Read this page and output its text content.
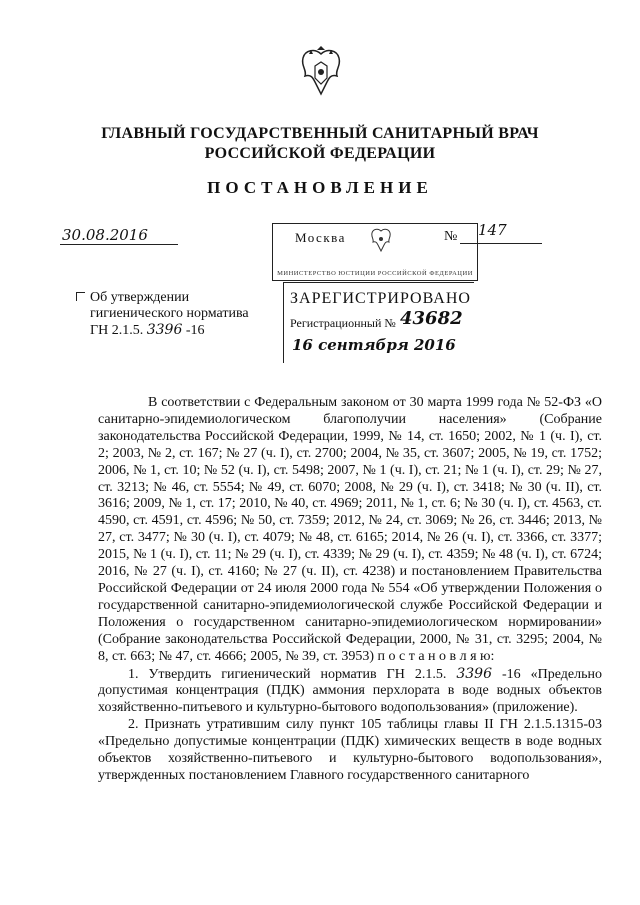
ГЛАВНЫЙ ГОСУДАРСТВЕННЫЙ САНИТАРНЫЙ ВРАЧ
РОССИЙСКОЙ ФЕДЕРАЦИИ
ПОСТАНОВЛЕНИЕ
30.08.2016	Москва
МИНИСТЕРСТВО ЮСТИЦИИ РОССИЙСКОЙ ФЕДЕРАЦИИ
№ 147
ЗАРЕГИСТРИРОВАНО
Регистрационный № 43682
16 сентября 2016
Об утверждении
гигиенического норматива
ГН 2.1.5. 3396 -16

В соответствии с Федеральным законом от 30 марта 1999 года № 52-ФЗ «О санитарно-эпидемиологическом благополучии населения» (Собрание законодательства Российской Федерации, 1999, № 14, ст. 1650; 2002, № 1 (ч. I), ст. 2; 2003, № 2, ст. 167; № 27 (ч. I), ст. 2700; 2004, № 35, ст. 3607; 2005, № 19, ст. 1752; 2006, № 1, ст. 10; № 52 (ч. I), ст. 5498; 2007, № 1 (ч. I), ст. 21; № 1 (ч. I), ст. 29; № 27, ст. 3213; № 46, ст. 5554; № 49, ст. 6070; 2008, № 29 (ч. I), ст. 3418; № 30 (ч. II), ст. 3616; 2009, № 1, ст. 17; 2010, № 40, ст. 4969; 2011, № 1, ст. 6; № 30 (ч. I), ст. 4563, ст. 4590, ст. 4591, ст. 4596; № 50, ст. 7359; 2012, № 24, ст. 3069; № 26, ст. 3446; 2013, № 27, ст. 3477; № 30 (ч. I), ст. 4079; № 48, ст. 6165; 2014, № 26 (ч. I), ст. 3366, ст. 3377; 2015, № 1 (ч. I), ст. 11; № 29 (ч. I), ст. 4339; № 29 (ч. I), ст. 4359; № 48 (ч. I), ст. 6724; 2016, № 27 (ч. I), ст. 4160; № 27 (ч. II), ст. 4238) и постановлением Правительства Российской Федерации от 24 июля 2000 года № 554 «Об утверждении Положения о государственной санитарно-эпидемиологической службе Российской Федерации и Положения о государственном санитарно-эпидемиологическом нормировании» (Собрание законодательства Российской Федерации, 2000, № 31, ст. 3295; 2004, № 8, ст. 663; № 47, ст. 4666; 2005, № 39, ст. 3953) п о с т а н о в л я ю:

1. Утвердить гигиенический норматив ГН 2.1.5. 3396 -16 «Предельно допустимая концентрация (ПДК) аммония перхлората в воде водных объектов хозяйственно-питьевого и культурно-бытового водопользования» (приложение).

2. Признать утратившим силу пункт 105 таблицы главы II ГН 2.1.5.1315-03 «Предельно допустимые концентрации (ПДК) химических веществ в воде водных объектов хозяйственно-питьевого и культурно-бытового водопользования», утвержденных постановлением Главного государственного санитарного
